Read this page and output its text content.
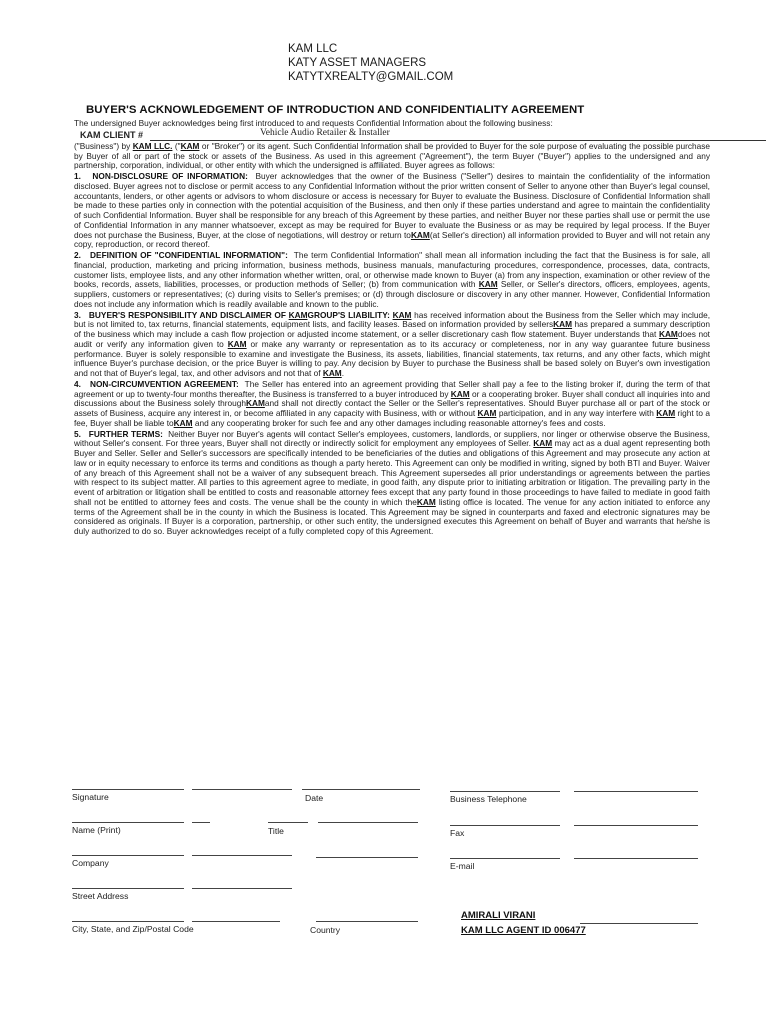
KAM LLC
KATY ASSET MANAGERS
KATYTXREALTY@GMAIL.COM
BUYER'S ACKNOWLEDGEMENT OF INTRODUCTION AND CONFIDENTIALITY AGREEMENT

The undersigned Buyer acknowledges being first introduced to and requests Confidential Information about the following business:

KAM CLIENT #	Vehicle Audio Retailer & Installer

("Business") by KAM LLC. ("KAM or "Broker") or its agent. Such Confidential Information shall be provided to Buyer for the sole purpose of evaluating the possible purchase by Buyer of all or part of the stock or assets of the Business. As used in this agreement ("Agreement"), the term Buyer ("Buyer") applies to the undersigned and any partnership, corporation, individual, or other entity with which the undersigned is affiliated. Buyer agrees as follows:

1. NON-DISCLOSURE OF INFORMATION: Buyer acknowledges that the owner of the Business ("Seller") desires to maintain the confidentiality of the information disclosed. Buyer agrees not to disclose or permit access to any Confidential Information without the prior written consent of Seller to anyone other than Buyer's legal counsel, accountants, lenders, or other agents or advisors to whom disclosure or access is necessary for Buyer to evaluate the Business. Disclosure of Confidential Information shall be made to these parties only in connection with the potential acquisition of the Business, and then only if these parties understand and agree to maintain the confidentiality of such Confidential Information. Buyer shall be responsible for any breach of this Agreement by these parties, and neither Buyer nor these parties shall use or permit the use of Confidential Information in any manner whatsoever, except as may be required for Buyer to evaluate the Business or as may be required by legal process. If the Buyer does not purchase the Business, Buyer, at the close of negotiations, will destroy or return toKAM(at Seller's direction) all information provided to Buyer and will not retain any copy, reproduction, or record thereof.

2. DEFINITION OF "CONFIDENTIAL INFORMATION": The term Confidential Information" shall mean all information including the fact that the Business is for sale, all financial, production, marketing and pricing information, business methods, business manuals, manufacturing procedures, correspondence, processes, data, contracts, customer lists, employee lists, and any other information whether written, oral, or otherwise made known to Buyer (a) from any inspection, examination or other review of the books, records, assets, liabilities, processes, or production methods of Seller; (b) from communication with KAM Seller, or Seller's directors, officers, employees, agents, suppliers, customers or representatives; (c) during visits to Seller's premises; or (d) through disclosure or discovery in any other manner. However, Confidential Information does not include any information which is readily available and known to the public.

3. BUYER'S RESPONSIBILITY AND DISCLAIMER OF KAMGROUP'S LIABILITY: KAM has received information about the Business from the Seller which may include, but is not limited to, tax returns, financial statements, equipment lists, and facility leases. Based on information provided by sellersKAM has prepared a summary description of the business which may include a cash flow projection or adjusted income statement, or a seller discretionary cash flow statement. Buyer understands that KAMdoes not audit or verify any information given to KAM or make any warranty or representation as to its accuracy or completeness, nor in any way guarantee future business performance. Buyer is solely responsible to examine and investigate the Business, its assets, liabilities, financial statements, tax returns, and any other facts, which might influence Buyer's purchase decision, or the price Buyer is willing to pay. Any decision by Buyer to purchase the Business shall be based solely on Buyer's own investigation and not that of Buyer's legal, tax, and other advisors and not that of KAM.

4. NON-CIRCUMVENTION AGREEMENT: The Seller has entered into an agreement providing that Seller shall pay a fee to the listing broker if, during the term of that agreement or up to twenty-four months thereafter, the Business is transferred to a buyer introduced by KAM or a cooperating broker. Buyer shall conduct all inquiries into and discussions about the Business solely throughKAMand shall not directly contact the Seller or the Seller's representatives. Should Buyer purchase all or part of the stock or assets of Business, acquire any interest in, or become affiliated in any capacity with Business, with or without KAM participation, and in any way interfere with KAM right to a fee, Buyer shall be liable toKAM and any cooperating broker for such fee and any other damages including reasonable attorney's fees and costs.

5. FURTHER TERMS: Neither Buyer nor Buyer's agents will contact Seller's employees, customers, landlords, or suppliers, nor linger or otherwise observe the Business, without Seller's consent. For three years, Buyer shall not directly or indirectly solicit for employment any employees of Seller. KAM may act as a dual agent representing both Buyer and Seller. Seller and Seller's successors are specifically intended to be beneficiaries of the duties and obligations of this Agreement and may prosecute any action at law or in equity necessary to enforce its terms and conditions as though a party hereto. This Agreement can only be modified in writing, signed by both BTI and Buyer. Waiver of any breach of this Agreement shall not be a waiver of any subsequent breach. This Agreement supersedes all prior understandings or agreements between the parties with respect to its subject matter. All parties to this agreement agree to mediate, in good faith, any dispute prior to initiating arbitration or litigation. The prevailing party in the event of arbitration or litigation shall be entitled to costs and reasonable attorney fees except that any party found in those proceedings to have failed to mediate in good faith shall not be entitled to attorney fees and costs. The venue shall be the county in which theKAM listing office is located. The venue for any action initiated to enforce any terms of the Agreement shall be in the county in which the Business is located. This Agreement may be signed in counterparts and faxed and electronic signatures may be considered as originals. If Buyer is a corporation, partnership, or other such entity, the undersigned executes this Agreement on behalf of Buyer and warrants that he/she is duly authorized to do so. Buyer acknowledges receipt of a fully completed copy of this Agreement.

Signature	Date	Business Telephone
Name (Print)	Title	Fax
Company	E-mail
Street Address
City, State, and Zip/Postal Code	Country
AMIRALI VIRANI
KAM LLC AGENT ID 006477
